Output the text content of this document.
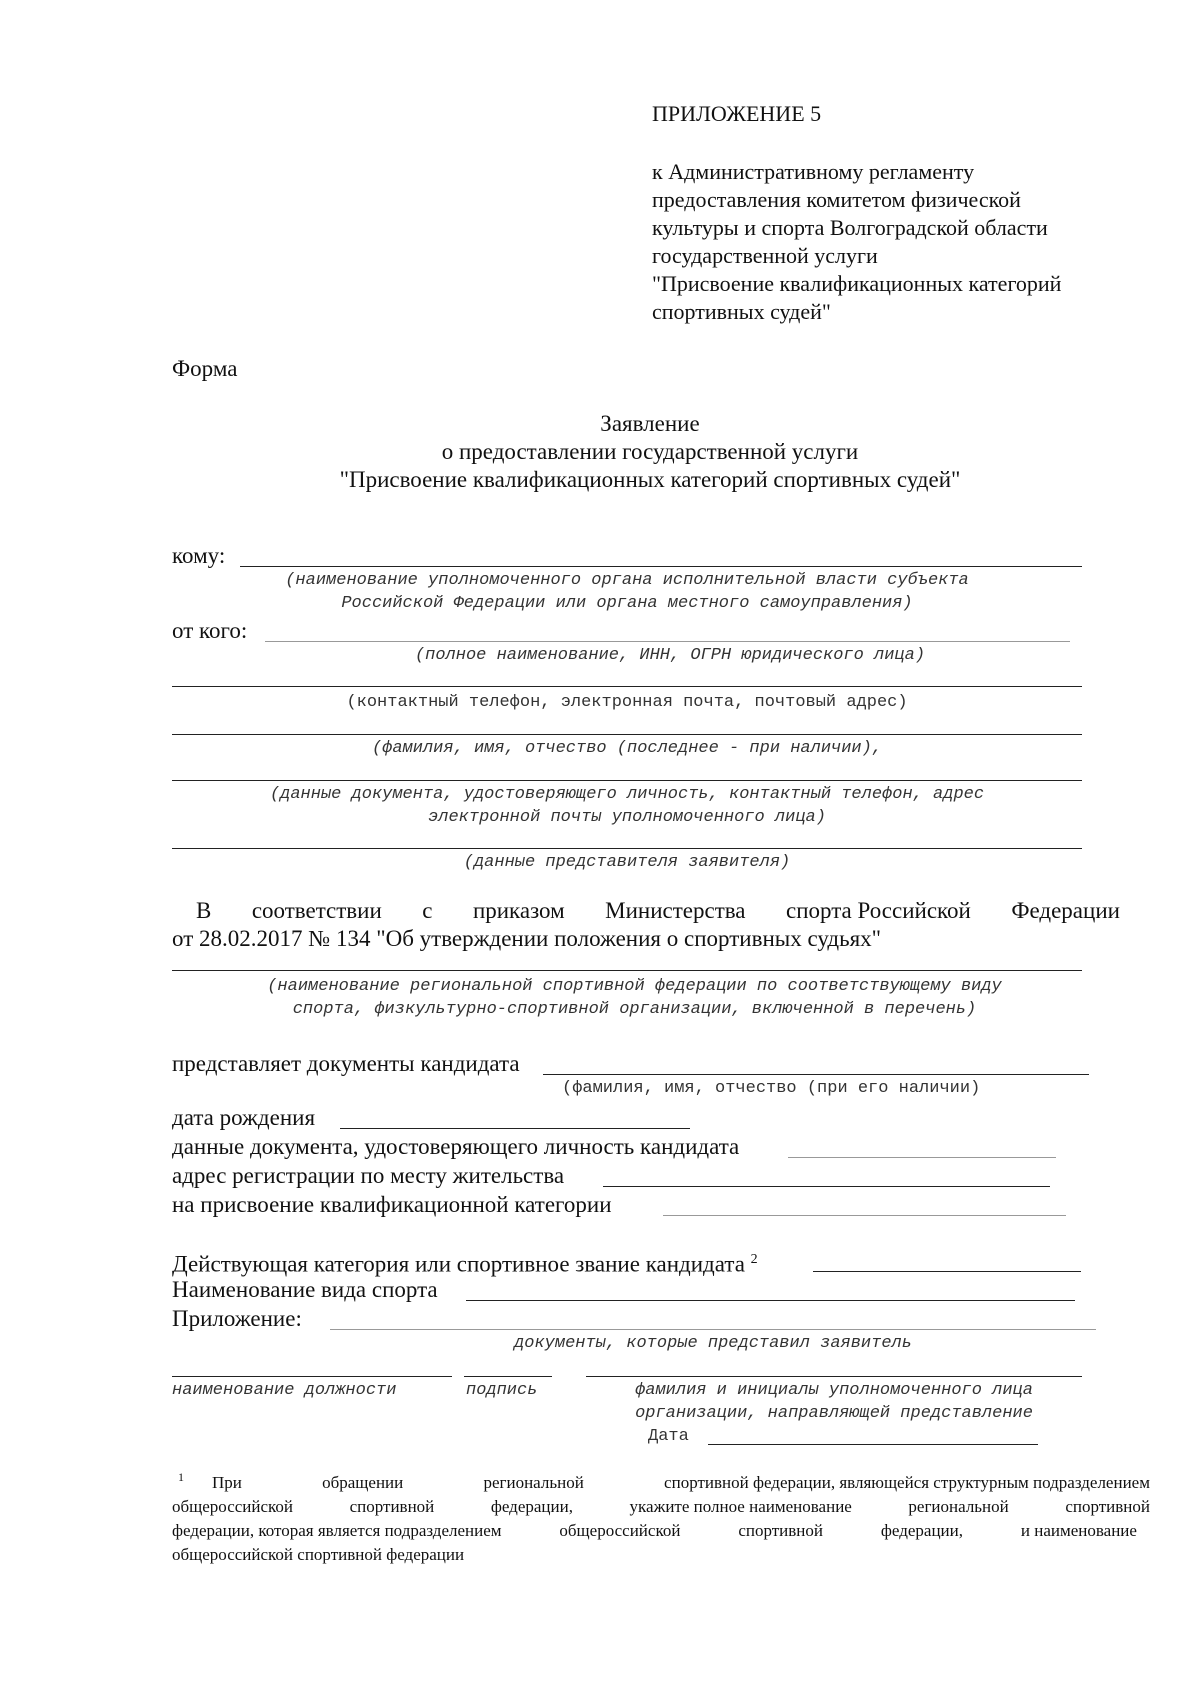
ПРИЛОЖЕНИЕ 5
к Административному регламенту
предоставления комитетом физической
культуры и спорта Волгоградской области
государственной услуги
"Присвоение квалификационных категорий
спортивных судей"
Форма
Заявление
о предоставлении государственной услуги
"Присвоение квалификационных категорий спортивных судей"
кому:
(наименование уполномоченного органа исполнительной власти субъекта
Российской Федерации или органа местного самоуправления)
от кого:
(полное наименование, ИНН, ОГРН юридического лица)
(контактный телефон, электронная почта, почтовый адрес)
(фамилия, имя, отчество (последнее - при наличии),
(данные документа, удостоверяющего личность, контактный телефон, адрес
электронной почты уполномоченного лица)
(данные представителя заявителя)
В соответствии с приказом Министерства спорта Российской Федерации
от 28.02.2017 № 134 "Об утверждении положения о спортивных судьях"
(наименование региональной спортивной федерации по соответствующему виду
спорта, физкультурно-спортивной организации, включенной в перечень)
представляет документы кандидата
(фамилия, имя, отчество (при его наличии)
дата рождения
данные документа, удостоверяющего личность кандидата
адрес регистрации по месту жительства
на присвоение квалификационной категории
Действующая категория или спортивное звание кандидата $^2$
Наименование вида спорта
Приложение:
документы, которые представил заявитель
наименование должности	подпись	фамилия и инициалы уполномоченного лица
организации, направляющей представление
Дата
1 При	обращении	региональной	спортивной федерации, являющейся структурным подразделением
общероссийской	спортивной	федерации,	укажите полное наименование	региональной	спортивной
федерации, которая является подразделением	общероссийской	спортивной	федерации,	и наименование
общероссийской спортивной федерации
